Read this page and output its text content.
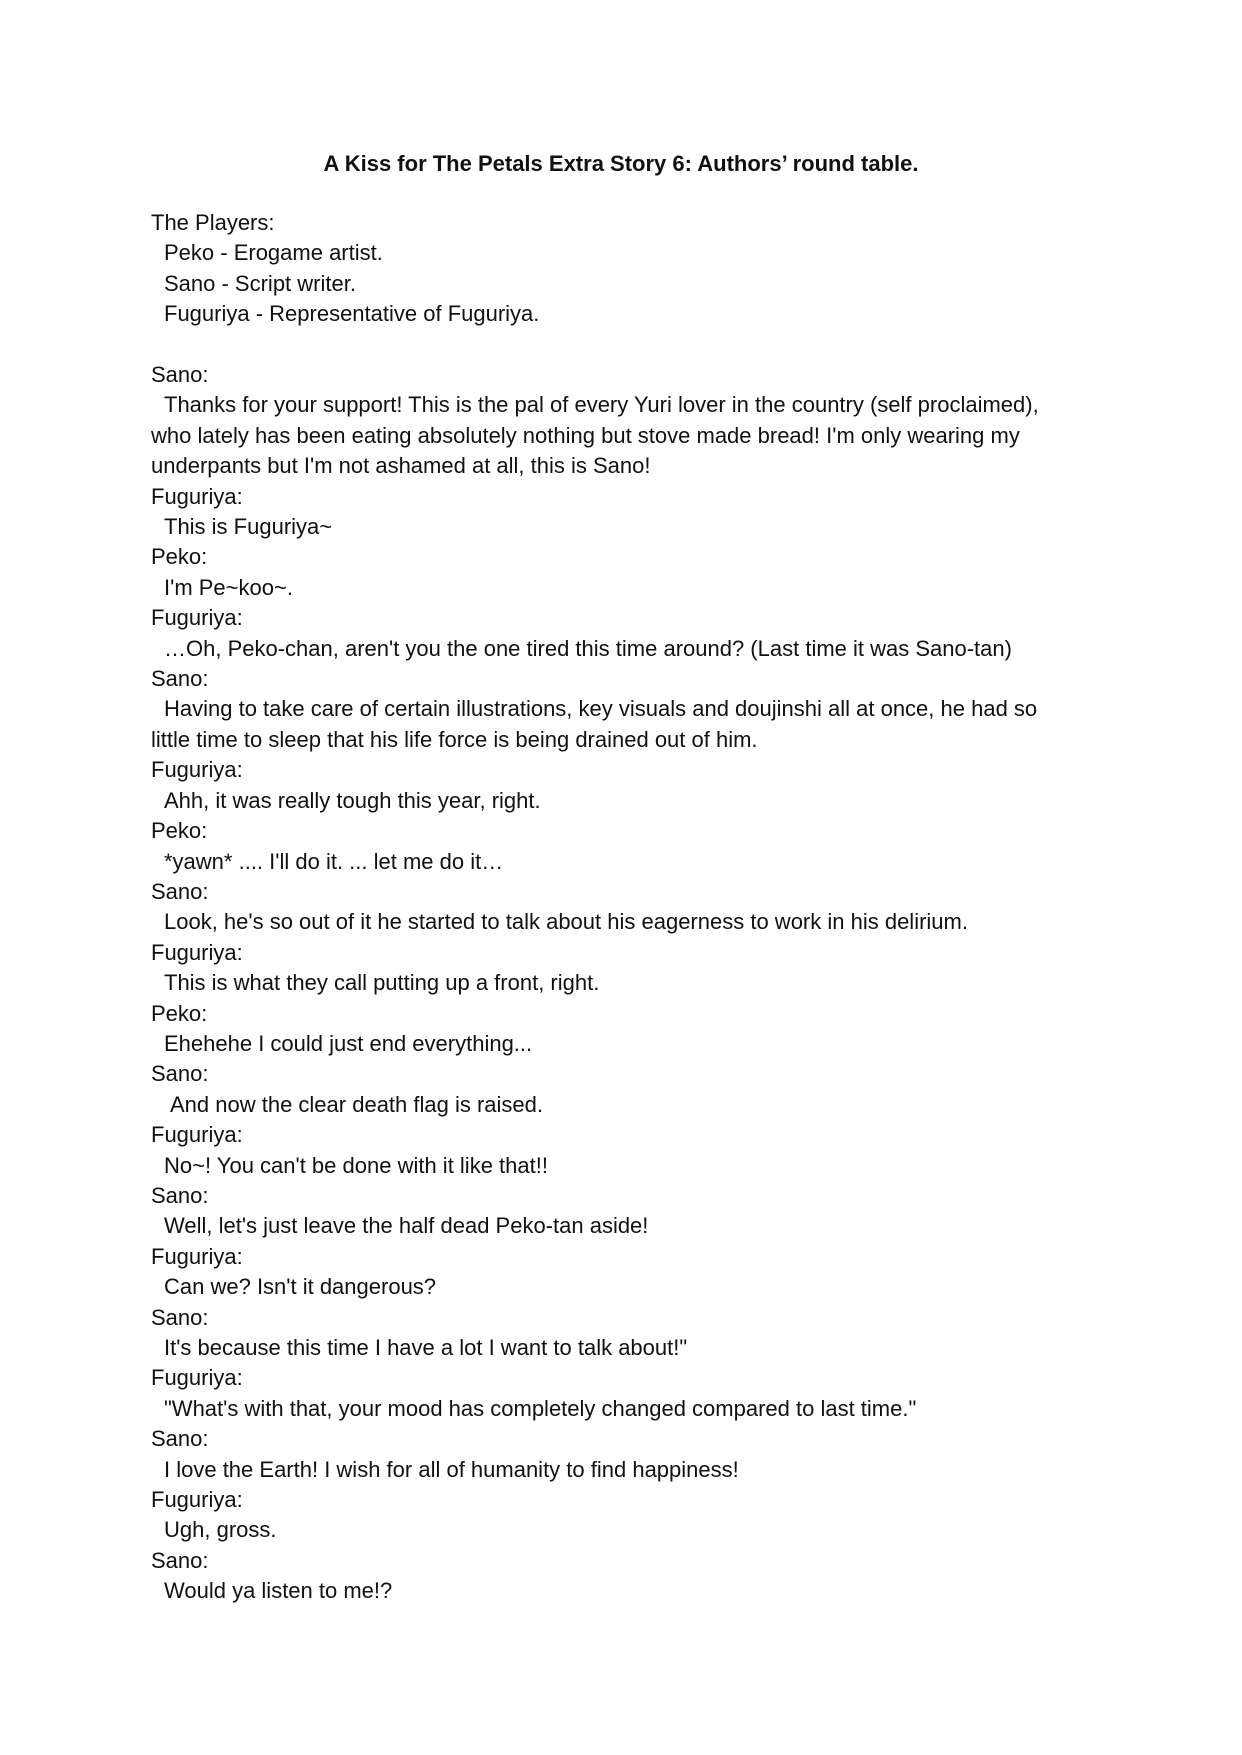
A Kiss for The Petals Extra Story 6: Authors’ round table.
The Players:
Peko - Erogame artist.
Sano - Script writer.
Fuguriya - Representative of Fuguriya.
Sano:
Thanks for your support! This is the pal of every Yuri lover in the country (self proclaimed),
who lately has been eating absolutely nothing but stove made bread! I'm only wearing my
underpants but I'm not ashamed at all, this is Sano!
Fuguriya:
This is Fuguriya~
Peko:
I'm Pe~koo~.
Fuguriya:
…Oh, Peko-chan, aren't you the one tired this time around? (Last time it was Sano-tan)
Sano:
Having to take care of certain illustrations, key visuals and doujinshi all at once, he had so
little time to sleep that his life force is being drained out of him.
Fuguriya:
Ahh, it was really tough this year, right.
Peko:
*yawn* .... I'll do it. ... let me do it…
Sano:
Look, he's so out of it he started to talk about his eagerness to work in his delirium.
Fuguriya:
This is what they call putting up a front, right.
Peko:
Ehehehe I could just end everything...
Sano:
And now the clear death flag is raised.
Fuguriya:
No~! You can't be done with it like that!!
Sano:
Well, let's just leave the half dead Peko-tan aside!
Fuguriya:
Can we? Isn't it dangerous?
Sano:
It's because this time I have a lot I want to talk about!"
Fuguriya:
"What's with that, your mood has completely changed compared to last time."
Sano:
I love the Earth! I wish for all of humanity to find happiness!
Fuguriya:
Ugh, gross.
Sano:
Would ya listen to me!?
